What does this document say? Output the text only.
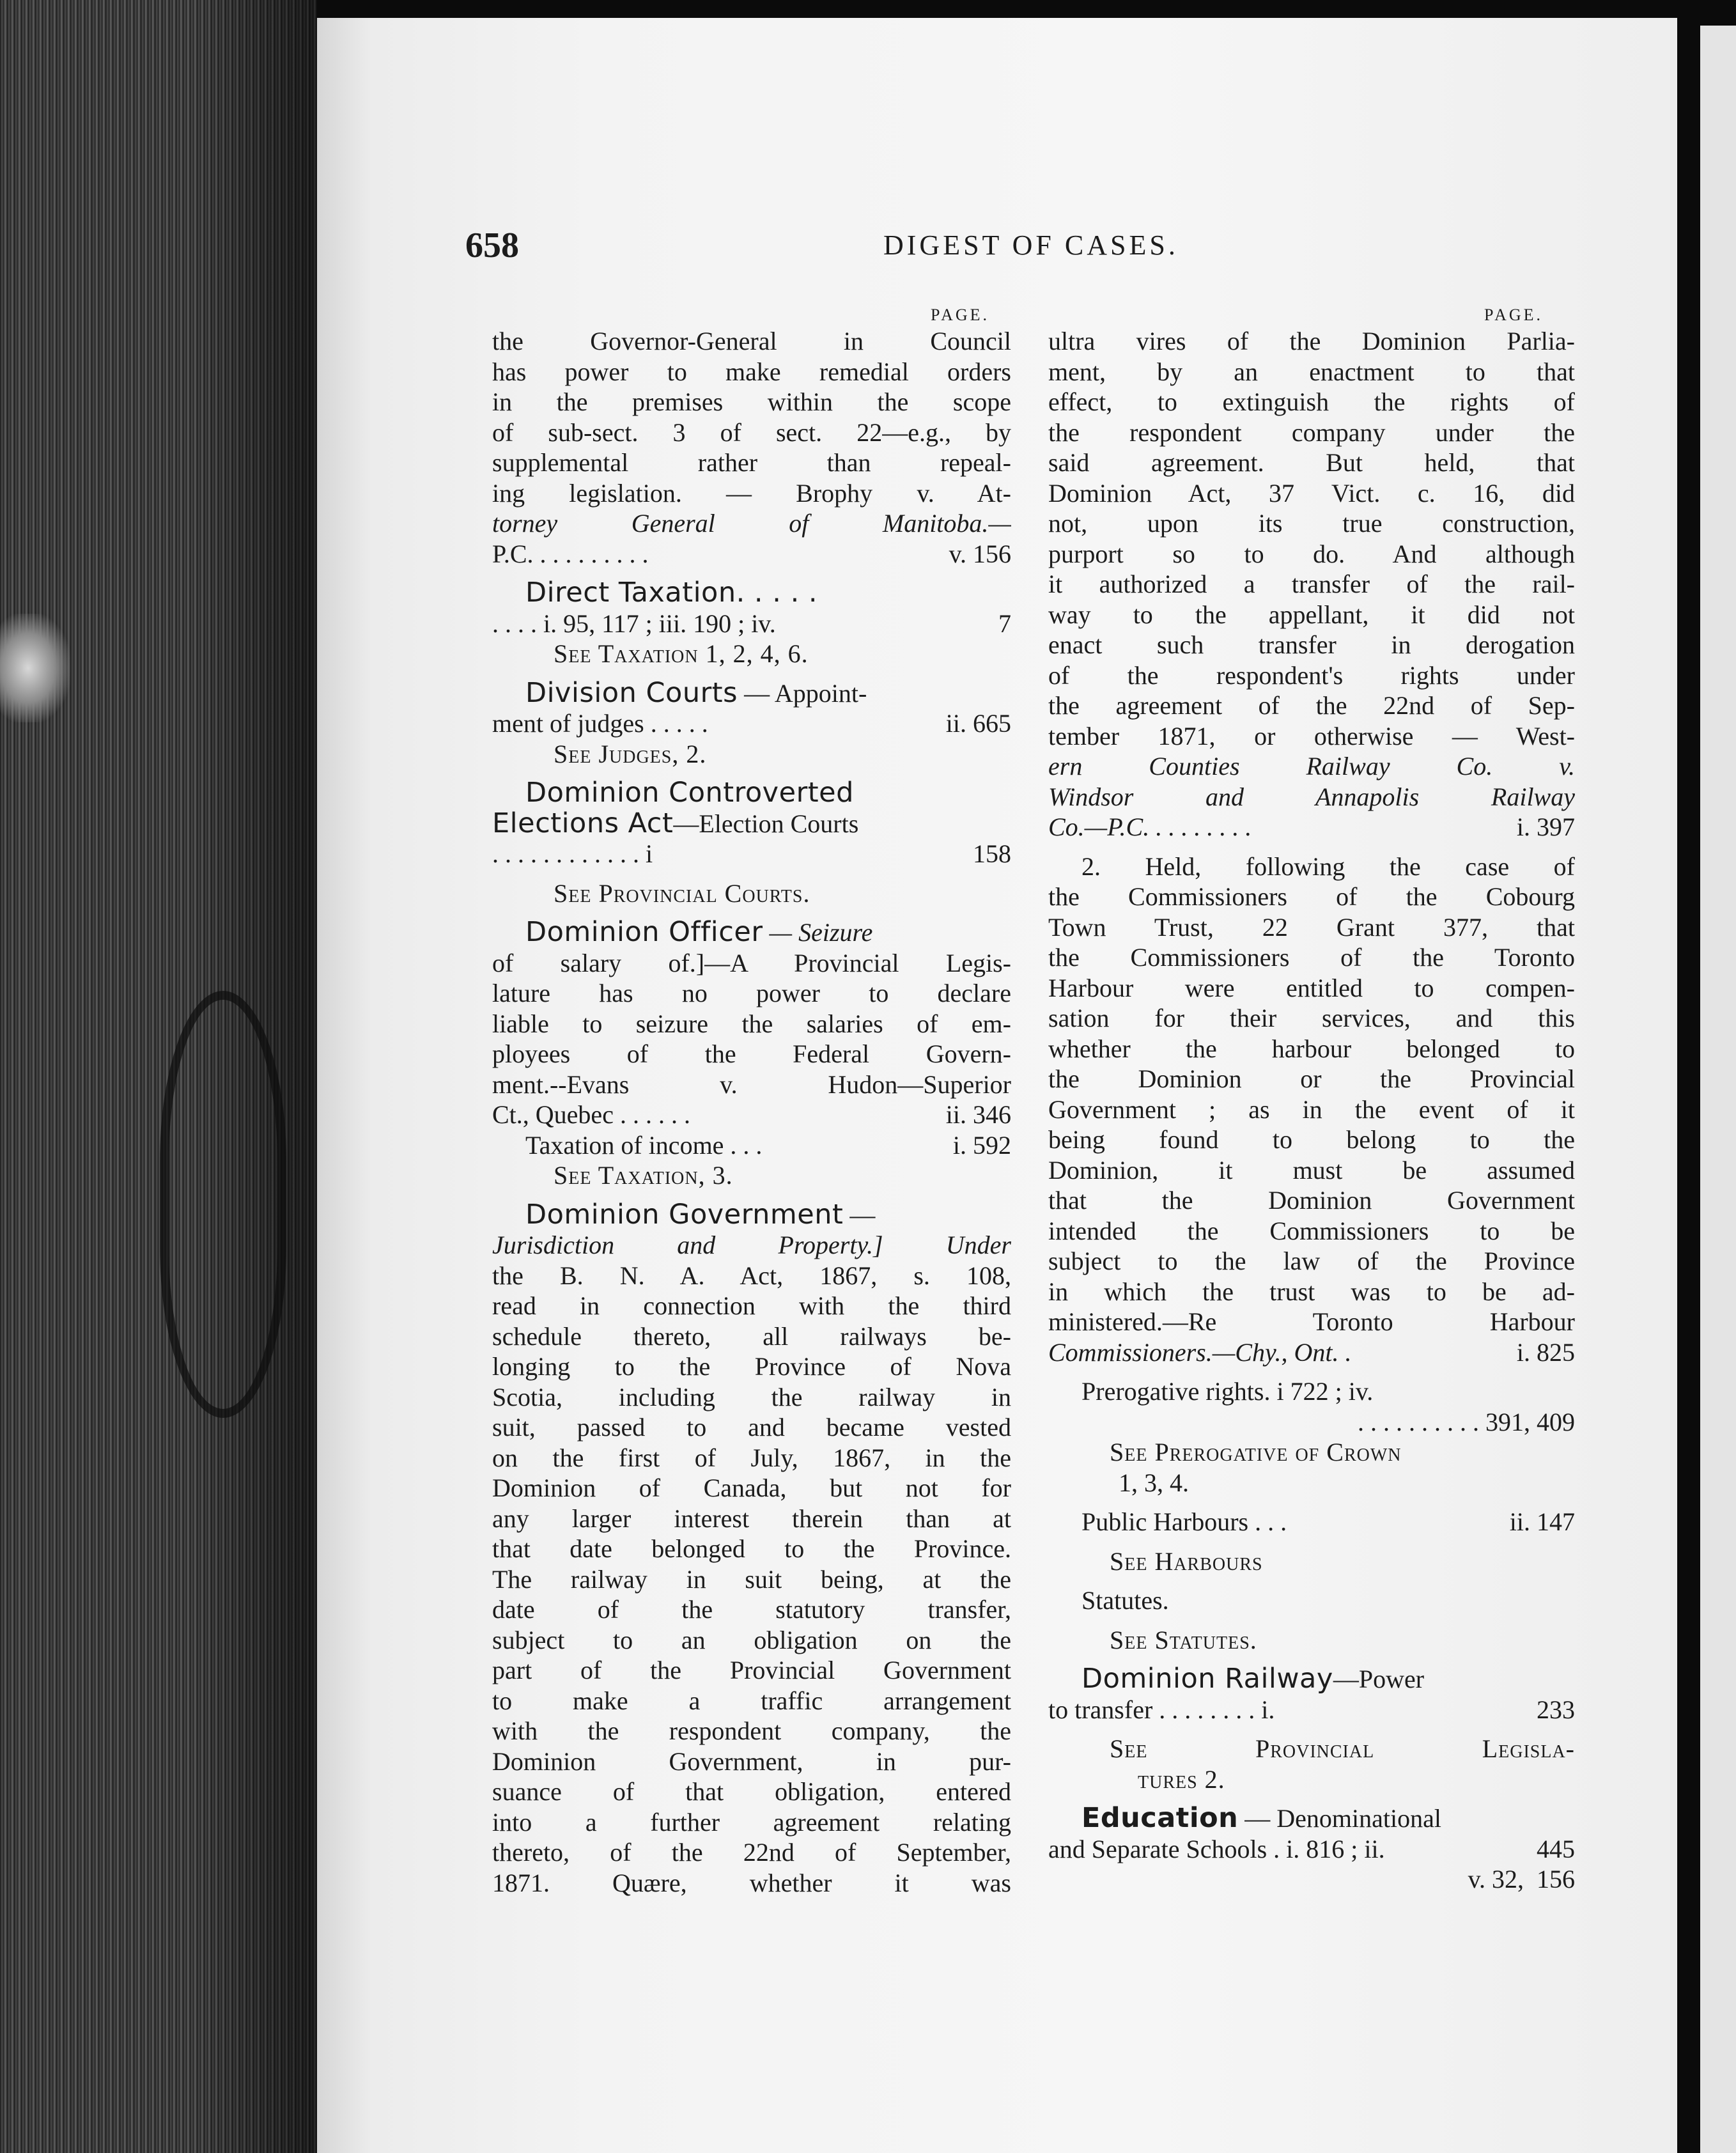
658	DIGEST OF CASES.
PAGE.	PAGE.
the Governor-General in Council
has power to make remedial orders
in the premises within the scope
of sub-sect. 3 of sect. 22—e.g., by
supplemental rather than repeal-
ing legislation. — Brophy v. At-
torney General of Manitoba.—
P.C. . . . . . . . . .	v. 156
Direct Taxation. . . . .
. . . . i. 95, 117 ; iii. 190 ; iv.	7
See Taxation 1, 2, 4, 6.
Division Courts — Appoint-
ment of judges . . . . .	ii. 665
See Judges, 2.
Dominion Controverted
Elections Act—Election Courts
. . . . . . . . . . . . i	158
See Provincial Courts.
Dominion Officer — Seizure
of salary of.]—A Provincial Legis-
lature has no power to declare
liable to seizure the salaries of em-
ployees of the Federal Govern-
ment.--Evans v. Hudon—Superior
Ct., Quebec . . . . . .	ii. 346
Taxation of income . . .	i. 592
See Taxation, 3.
Dominion Government —
Jurisdiction and Property.] Under
the B. N. A. Act, 1867, s. 108,
read in connection with the third
schedule thereto, all railways be-
longing to the Province of Nova
Scotia, including the railway in
suit, passed to and became vested
on the first of July, 1867, in the
Dominion of Canada, but not for
any larger interest therein than at
that date belonged to the Province.
The railway in suit being, at the
date of the statutory transfer,
subject to an obligation on the
part of the Provincial Government
to make a traffic arrangement
with the respondent company, the
Dominion Government, in pur-
suance of that obligation, entered
into a further agreement relating
thereto, of the 22nd of September,
1871. Quære, whether it was
ultra vires of the Dominion Parlia-
ment, by an enactment to that
effect, to extinguish the rights of
the respondent company under the
said agreement. But held, that
Dominion Act, 37 Vict. c. 16, did
not, upon its true construction,
purport so to do. And although
it authorized a transfer of the rail-
way to the appellant, it did not
enact such transfer in derogation
of the respondent's rights under
the agreement of the 22nd of Sep-
tember 1871, or otherwise — West-
ern Counties Railway Co. v.
Windsor and Annapolis Railway
Co.—P.C. . . . . . . . .	i. 397
2. Held, following the case of
the Commissioners of the Cobourg
Town Trust, 22 Grant 377, that
the Commissioners of the Toronto
Harbour were entitled to compen-
sation for their services, and this
whether the harbour belonged to
the Dominion or the Provincial
Government ; as in the event of it
being found to belong to the
Dominion, it must be assumed
that the Dominion Government
intended the Commissioners to be
subject to the law of the Province
in which the trust was to be ad-
ministered.—Re Toronto Harbour
Commissioners.—Chy., Ont. .	i. 825
Prerogative rights. i 722 ; iv.
. . . . . . . . . . 391, 409
See Prerogative of Crown
1, 3, 4.
Public Harbours . . .	ii. 147
See Harbours
Statutes.
See Statutes.
Dominion Railway—Power
to transfer . . . . . . . . i.	233
See Provincial Legisla-
tures 2.
Education — Denominational
and Separate Schools . i. 816 ; ii.	445
v. 32, 156
